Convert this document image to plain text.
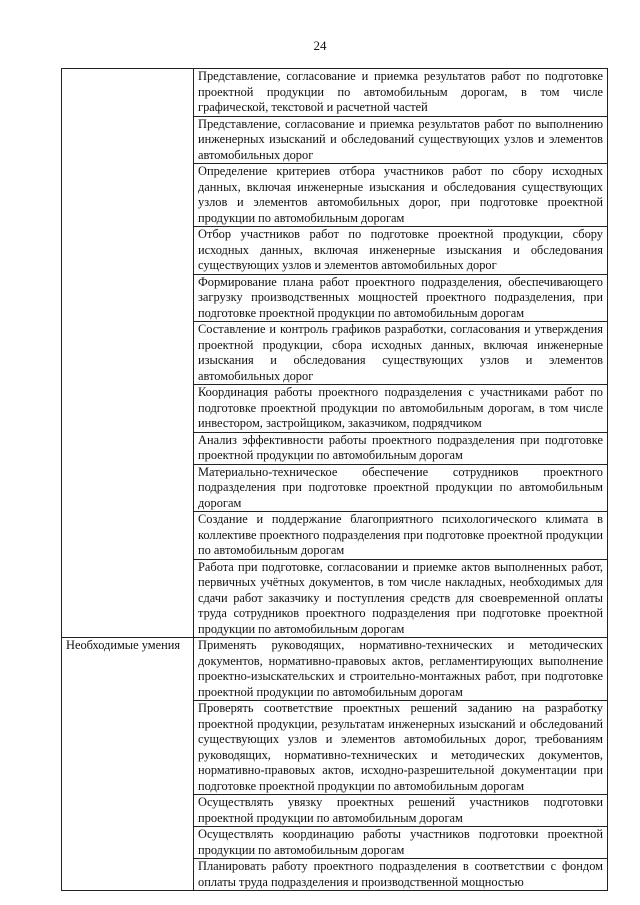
24
	Представление, согласование и приемка результатов работ по подготовке проектной продукции по автомобильным дорогам, в том числе графической, текстовой и расчетной частей
	Представление, согласование и приемка результатов работ по выполнению инженерных изысканий и обследований существующих узлов и элементов автомобильных дорог
	Определение критериев отбора участников работ по сбору исходных данных, включая инженерные изыскания и обследования существующих узлов и элементов автомобильных дорог, при подготовке проектной продукции по автомобильным дорогам
	Отбор участников работ по подготовке проектной продукции, сбору исходных данных, включая инженерные изыскания и обследования существующих узлов и элементов автомобильных дорог
	Формирование плана работ проектного подразделения, обеспечивающего загрузку производственных мощностей проектного подразделения, при подготовке проектной продукции по автомобильным дорогам
	Составление и контроль графиков разработки, согласования и утверждения проектной продукции, сбора исходных данных, включая инженерные изыскания и обследования существующих узлов и элементов автомобильных дорог
	Координация работы проектного подразделения с участниками работ по подготовке проектной продукции по автомобильным дорогам, в том числе инвестором, застройщиком, заказчиком, подрядчиком
	Анализ эффективности работы проектного подразделения при подготовке проектной продукции по автомобильным дорогам
	Материально-техническое обеспечение сотрудников проектного подразделения при подготовке проектной продукции по автомобильным дорогам
	Создание и поддержание благоприятного психологического климата в коллективе проектного подразделения при подготовке проектной продукции по автомобильным дорогам
	Работа при подготовке, согласовании и приемке актов выполненных работ, первичных учётных документов, в том числе накладных, необходимых для сдачи работ заказчику и поступления средств для своевременной оплаты труда сотрудников проектного подразделения при подготовке проектной продукции по автомобильным дорогам
Необходимые умения	Применять руководящих, нормативно-технических и методических документов, нормативно-правовых актов, регламентирующих выполнение проектно-изыскательских и строительно-монтажных работ, при подготовке проектной продукции по автомобильным дорогам
	Проверять соответствие проектных решений заданию на разработку проектной продукции, результатам инженерных изысканий и обследований существующих узлов и элементов автомобильных дорог, требованиям руководящих, нормативно-технических и методических документов, нормативно-правовых актов, исходно-разрешительной документации при подготовке проектной продукции по автомобильным дорогам
	Осуществлять увязку проектных решений участников подготовки проектной продукции по автомобильным дорогам
	Осуществлять координацию работы участников подготовки проектной продукции по автомобильным дорогам
	Планировать работу проектного подразделения в соответствии с фондом оплаты труда подразделения и производственной мощностью
